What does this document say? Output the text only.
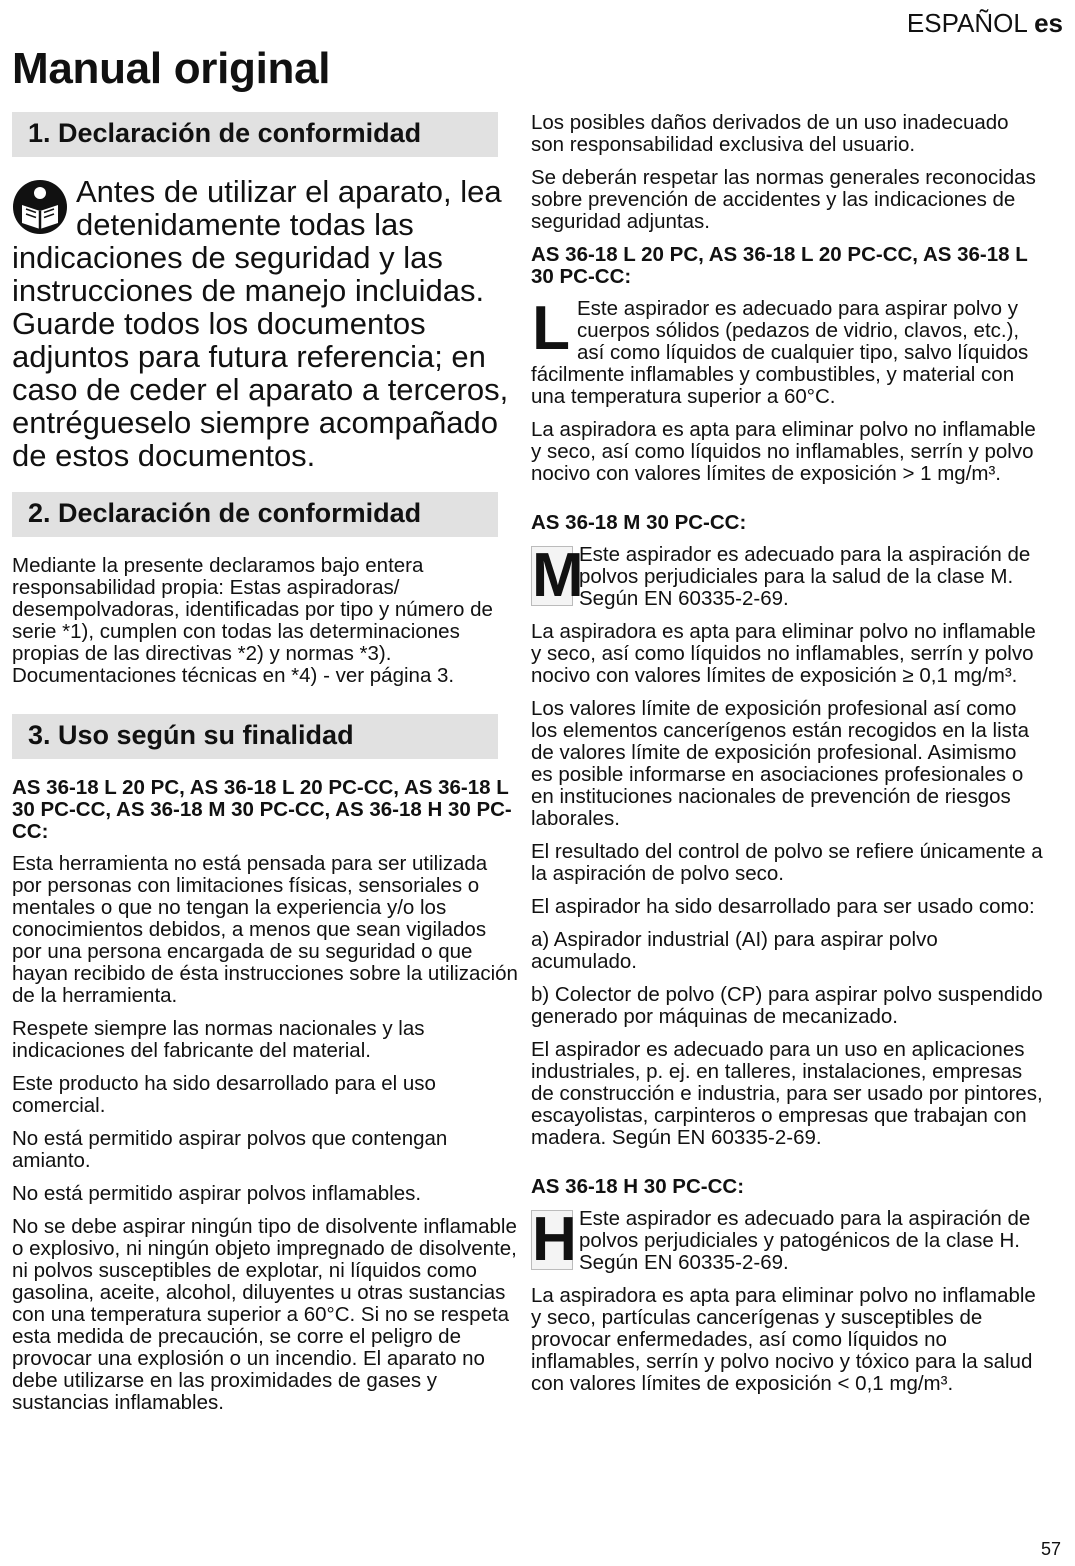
ESPAÑOL es
Manual original
1. Declaración de conformidad
Antes de utilizar el aparato, lea detenidamente todas las indicaciones de seguridad y las instrucciones de manejo incluidas. Guarde todos los documentos adjuntos para futura referencia; en caso de ceder el aparato a terceros, entrégueselo siempre acompañado de estos documentos.
2. Declaración de conformidad

Mediante la presente declaramos bajo entera responsabilidad propia: Estas aspiradoras/ desempolvadoras, identificadas por tipo y número de serie *1), cumplen con todas las determinaciones propias de las directivas *2) y normas *3). Documentaciones técnicas en *4) - ver página 3.

3. Uso según su finalidad

AS 36-18 L 20 PC, AS 36-18 L 20 PC-CC, AS 36-18 L 30 PC-CC, AS 36-18 M 30 PC-CC, AS 36-18 H 30 PC-CC:

Esta herramienta no está pensada para ser utilizada por personas con limitaciones físicas, sensoriales o mentales o que no tengan la experiencia y/o los conocimientos debidos, a menos que sean vigilados por una persona encargada de su seguridad o que hayan recibido de ésta instrucciones sobre la utilización de la herramienta.

Respete siempre las normas nacionales y las indicaciones del fabricante del material.

Este producto ha sido desarrollado para el uso comercial.

No está permitido aspirar polvos que contengan amianto.

No está permitido aspirar polvos inflamables.

No se debe aspirar ningún tipo de disolvente inflamable o explosivo, ni ningún objeto impregnado de disolvente, ni polvos susceptibles de explotar, ni líquidos como gasolina, aceite, alcohol, diluyentes u otras sustancias con una temperatura superior a 60°C. Si no se respeta esta medida de precaución, se corre el peligro de provocar una explosión o un incendio. El aparato no debe utilizarse en las proximidades de gases y sustancias inflamables.

Los posibles daños derivados de un uso inadecuado son responsabilidad exclusiva del usuario.

Se deberán respetar las normas generales reconocidas sobre prevención de accidentes y las indicaciones de seguridad adjuntas.

AS 36-18 L 20 PC, AS 36-18 L 20 PC-CC, AS 36-18 L 30 PC-CC:

L Este aspirador es adecuado para aspirar polvo y cuerpos sólidos (pedazos de vidrio, clavos, etc.), así como líquidos de cualquier tipo, salvo líquidos fácilmente inflamables y combustibles, y material con una temperatura superior a 60°C.

La aspiradora es apta para eliminar polvo no inflamable y seco, así como líquidos no inflamables, serrín y polvo nocivo con valores límites de exposición > 1 mg/m³.

AS 36-18 M 30 PC-CC:

M

Este aspirador es adecuado para la aspiración de polvos perjudiciales para la salud de la clase M. Según EN 60335-2-69.

La aspiradora es apta para eliminar polvo no inflamable y seco, así como líquidos no inflamables, serrín y polvo nocivo con valores límites de exposición ≥ 0,1 mg/m³.

Los valores límite de exposición profesional así como los elementos cancerígenos están recogidos en la lista de valores límite de exposición profesional. Asimismo es posible informarse en asociaciones profesionales o en instituciones nacionales de prevención de riesgos laborales.

El resultado del control de polvo se refiere únicamente a la aspiración de polvo seco.

El aspirador ha sido desarrollado para ser usado como:

a) Aspirador industrial (AI) para aspirar polvo acumulado.

b) Colector de polvo (CP) para aspirar polvo suspendido generado por máquinas de mecanizado.

El aspirador es adecuado para un uso en aplicaciones industriales, p. ej. en talleres, instalaciones, empresas de construcción e industria, para ser usado por pintores, escayolistas, carpinteros o empresas que trabajan con madera. Según EN 60335-2-69.

AS 36-18 H 30 PC-CC:

H Este aspirador es adecuado para la aspiración de polvos perjudiciales y patogénicos de la clase H. Según EN 60335-2-69.

La aspiradora es apta para eliminar polvo no inflamable y seco, partículas cancerígenas y susceptibles de provocar enfermedades, así como líquidos no inflamables, serrín y polvo nocivo y tóxico para la salud con valores límites de exposición < 0,1 mg/m³.

57
